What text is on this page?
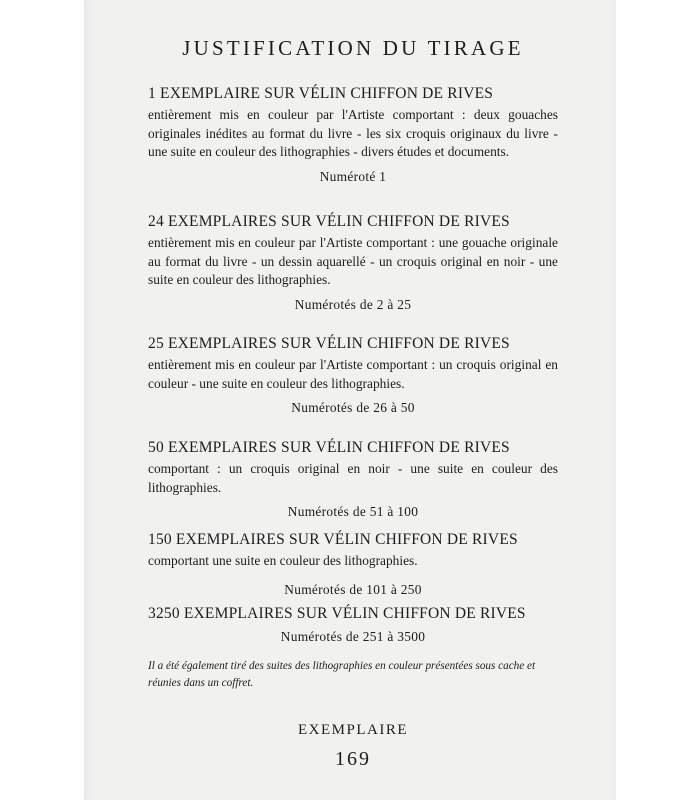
JUSTIFICATION DU TIRAGE
1 EXEMPLAIRE SUR VÉLIN CHIFFON DE RIVES
entièrement mis en couleur par l'Artiste comportant : deux gouaches originales inédites au format du livre - les six croquis originaux du livre - une suite en couleur des lithographies - divers études et documents.
Numéroté 1
24 EXEMPLAIRES SUR VÉLIN CHIFFON DE RIVES
entièrement mis en couleur par l'Artiste comportant : une gouache originale au format du livre - un dessin aquarellé - un croquis original en noir - une suite en couleur des lithographies.
Numérotés de 2 à 25
25 EXEMPLAIRES SUR VÉLIN CHIFFON DE RIVES
entièrement mis en couleur par l'Artiste comportant : un croquis original en couleur - une suite en couleur des lithographies.
Numérotés de 26 à 50
50 EXEMPLAIRES SUR VÉLIN CHIFFON DE RIVES
comportant : un croquis original en noir - une suite en couleur des lithographies.
Numérotés de 51 à 100
150 EXEMPLAIRES SUR VÉLIN CHIFFON DE RIVES
comportant une suite en couleur des lithographies.
Numérotés de 101 à 250
3250 EXEMPLAIRES SUR VÉLIN CHIFFON DE RIVES
Numérotés de 251 à 3500
Il a été également tiré des suites des lithographies en couleur présentées sous cache et réunies dans un coffret.
EXEMPLAIRE
169
